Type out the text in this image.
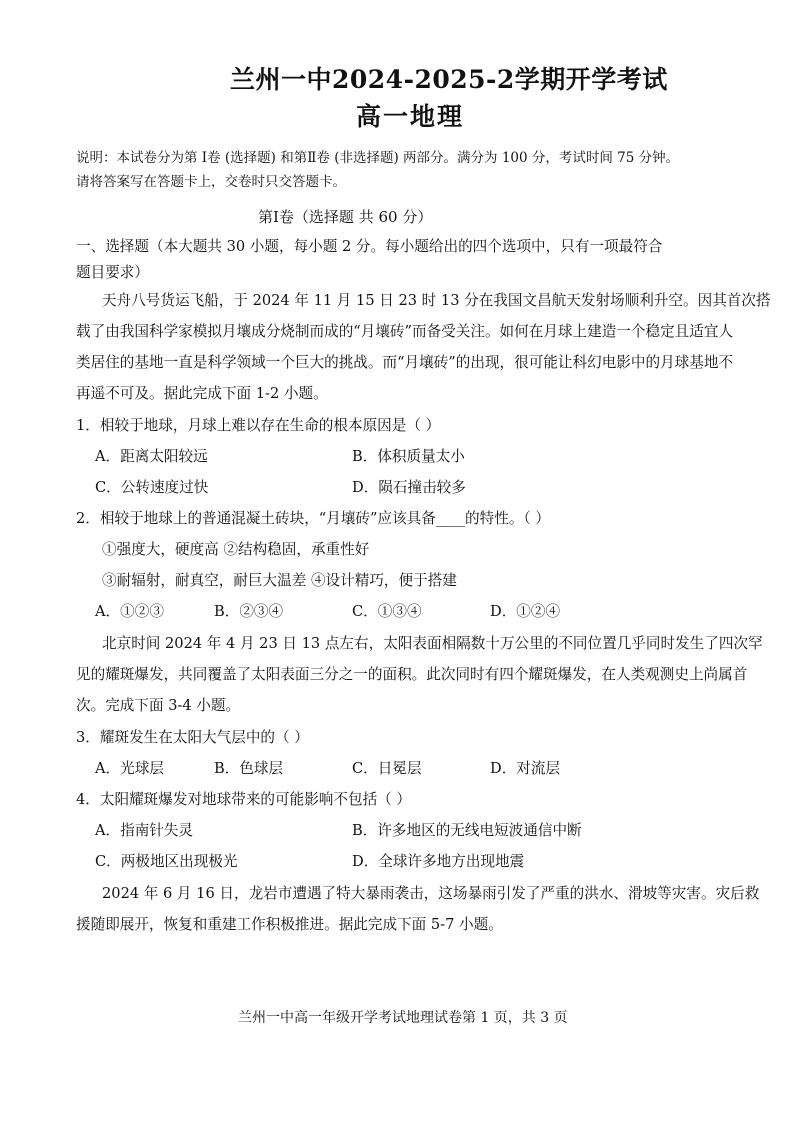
兰州一中2024-2025-2学期开学考试
高一地理
说明：本试卷分为第 Ⅰ卷 (选择题) 和第Ⅱ卷 (非选择题) 两部分。满分为 100 分，考试时间 75 分钟。
请将答案写在答题卡上，交卷时只交答题卡。
第Ⅰ卷（选择题 共 60 分）
一、选择题（本大题共 30 小题，每小题 2 分。每小题给出的四个选项中，只有一项最符合
题目要求）
天舟八号货运飞船，于 2024 年 11 月 15 日 23 时 13 分在我国文昌航天发射场顺利升空。因其首次搭
载了由我国科学家模拟月壤成分烧制而成的“月壤砖”而备受关注。如何在月球上建造一个稳定且适宜人
类居住的基地一直是科学领域一个巨大的挑战。而“月壤砖”的出现，很可能让科幻电影中的月球基地不
再遥不可及。据此完成下面 1-2 小题。
1．相较于地球，月球上难以存在生命的根本原因是（ ）
A．距离太阳较远	B．体积质量太小
C．公转速度过快	D．陨石撞击较多
2．相较于地球上的普通混凝土砖块，“月壤砖”应该具备____的特性。（ ）
①强度大，硬度高 ②结构稳固，承重性好
③耐辐射，耐真空，耐巨大温差 ④设计精巧，便于搭建
A．①②③	B．②③④	C．①③④	D．①②④
北京时间 2024 年 4 月 23 日 13 点左右，太阳表面相隔数十万公里的不同位置几乎同时发生了四次罕
见的耀斑爆发，共同覆盖了太阳表面三分之一的面积。此次同时有四个耀斑爆发，在人类观测史上尚属首
次。完成下面 3-4 小题。
3．耀斑发生在太阳大气层中的（ ）
A．光球层	B．色球层	C．日冕层	D．对流层
4．太阳耀斑爆发对地球带来的可能影响不包括（ ）
A．指南针失灵	B．许多地区的无线电短波通信中断
C．两极地区出现极光	D．全球许多地方出现地震
2024 年 6 月 16 日，龙岩市遭遇了特大暴雨袭击，这场暴雨引发了严重的洪水、滑坡等灾害。灾后救
援随即展开，恢复和重建工作积极推进。据此完成下面 5-7 小题。
兰州一中高一年级开学考试地理试卷第 1 页，共 3 页
